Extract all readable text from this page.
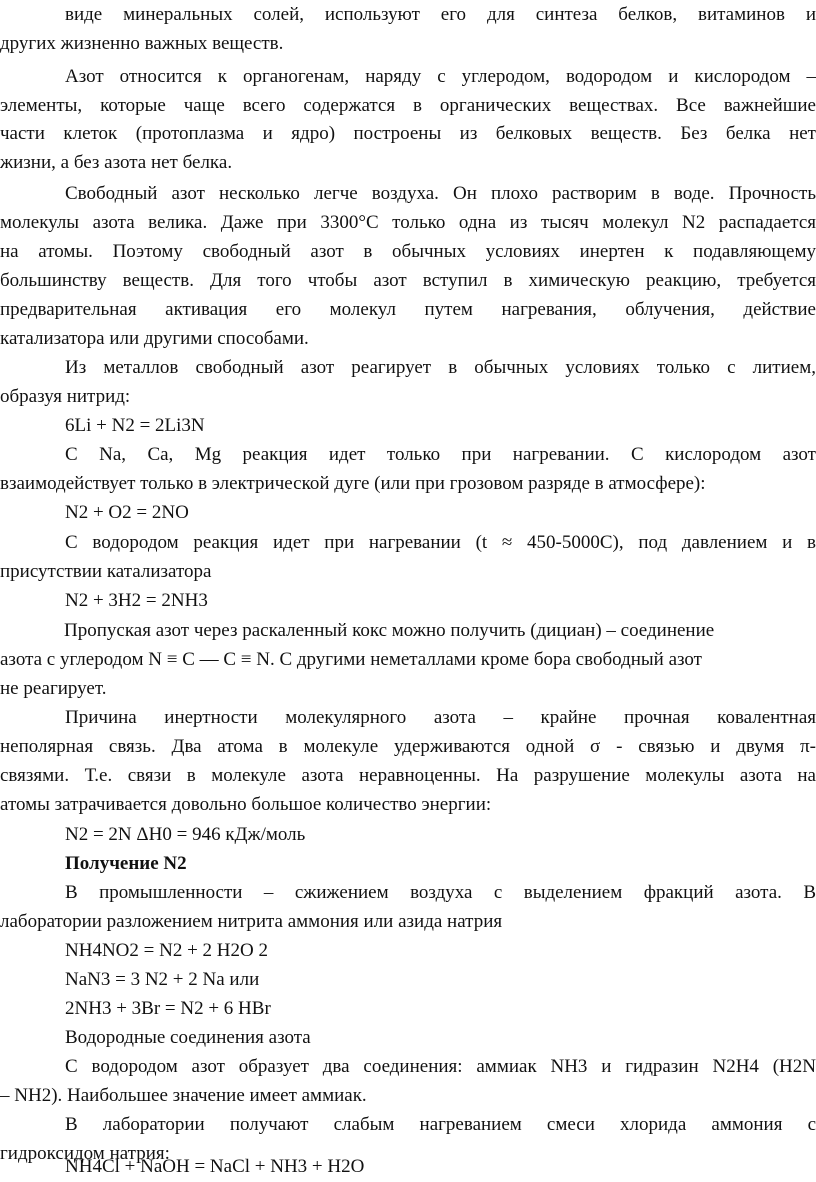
виде минеральных солей, используют его для синтеза белков, витаминов и
других жизненно важных веществ.
Азот относится к органогенам, наряду с углеродом, водородом и кислородом –
элементы, которые чаще всего содержатся в органических веществах. Все важнейшие
части клеток (протоплазма и ядро) построены из белковых веществ. Без белка нет
жизни, а без азота нет белка.
Свободный азот несколько легче воздуха. Он плохо растворим в воде. Прочность
молекулы азота велика. Даже при 3300°С только одна из тысяч молекул N2 распадается
на атомы. Поэтому свободный азот в обычных условиях инертен к подавляющему
большинству веществ. Для того чтобы азот вступил в химическую реакцию, требуется
предварительная активация его молекул путем нагревания, облучения, действие
катализатора или другими способами.
Из металлов свободный азот реагирует в обычных условиях только с литием,
образуя нитрид:
6Li + N2 = 2Li3N
С Na, Ca, Mg реакция идет только при нагревании. С кислородом азот
взаимодействует только в электрической дуге (или при грозовом разряде в атмосфере):
N2 + O2 = 2NO
С водородом реакция идет при нагревании (t ≈ 450-5000C), под давлением и в
присутствии катализатора
N2 + 3H2 = 2NH3
Пропуская азот через раскаленный кокс можно получить (дициан) – соединение
азота с углеродом N ≡ C — C ≡ N. С другими неметаллами кроме бора свободный азот
не реагирует.
Причина инертности молекулярного азота – крайне прочная ковалентная
неполярная связь. Два атома в молекуле удерживаются одной σ - связью и двумя π-
связями. Т.е. связи в молекуле азота неравноценны. На разрушение молекулы азота на
атомы затрачивается довольно большое количество энергии:
N2 = 2N ΔH0 = 946 кДж/моль
Получение N2
В промышленности – сжижением воздуха с выделением фракций азота. В
лаборатории разложением нитрита аммония или азида натрия
NH4NO2 = N2 + 2 H2O 2
NaN3 = 3 N2 + 2 Na или
2NH3 + 3Br = N2 + 6 HBr
Водородные соединения азота
С водородом азот образует два соединения: аммиак NH3 и гидразин N2H4 (H2N
– NH2). Наибольшее значение имеет аммиак.
В лаборатории получают слабым нагреванием смеси хлорида аммония с
гидроксидом натрия:
NH4Cl + NaOH = NaCl + NH3 + H2O
